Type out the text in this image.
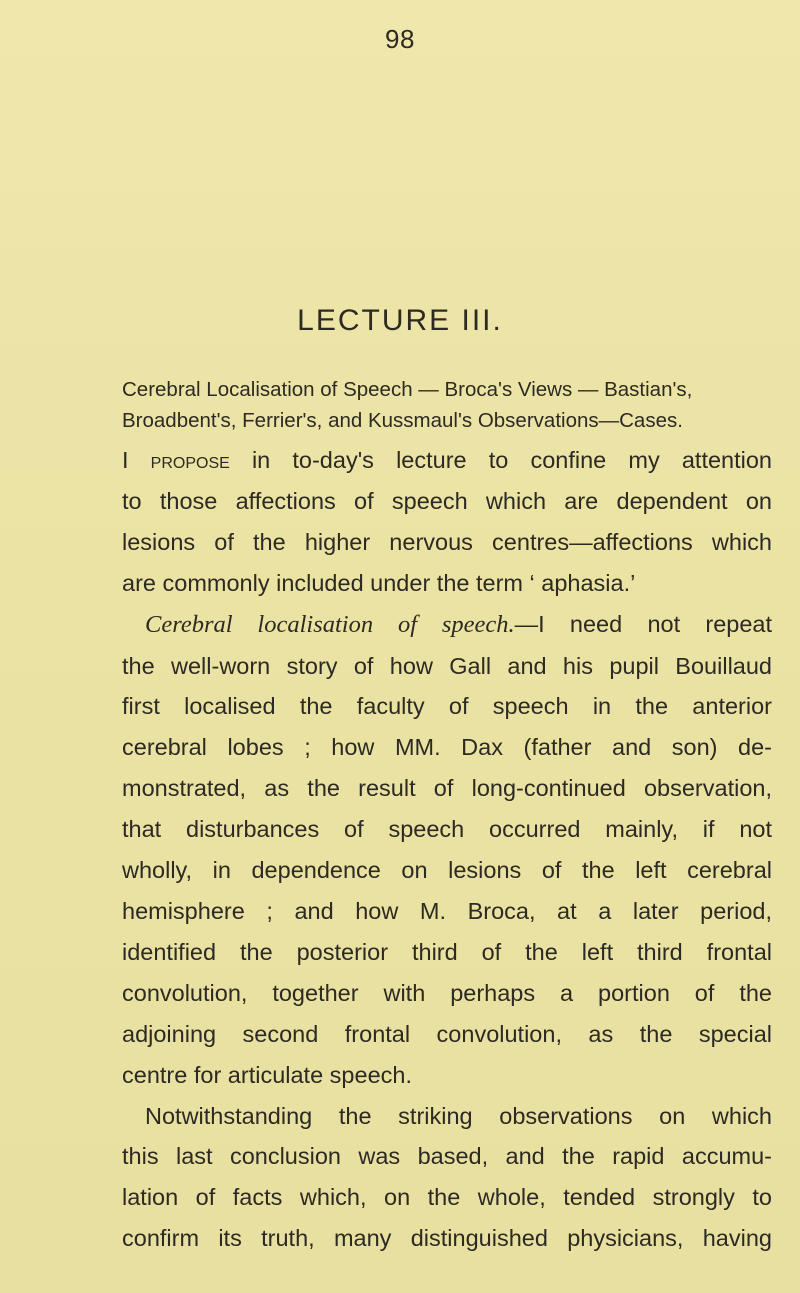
98
LECTURE III.
Cerebral Localisation of Speech — Broca's Views — Bastian's,
Broadbent's, Ferrier's, and Kussmaul's Observations—Cases.
I propose in to-day's lecture to confine my attention
to those affections of speech which are dependent on
lesions of the higher nervous centres—affections which
are commonly included under the term ‘ aphasia.’
Cerebral localisation of speech.—I need not repeat
the well-worn story of how Gall and his pupil Bouillaud
first localised the faculty of speech in the anterior
cerebral lobes ; how MM. Dax (father and son) de-
monstrated, as the result of long-continued observation,
that disturbances of speech occurred mainly, if not
wholly, in dependence on lesions of the left cerebral
hemisphere ; and how M. Broca, at a later period,
identified the posterior third of the left third frontal
convolution, together with perhaps a portion of the
adjoining second frontal convolution, as the special
centre for articulate speech.
Notwithstanding the striking observations on which
this last conclusion was based, and the rapid accumu-
lation of facts which, on the whole, tended strongly to
confirm its truth, many distinguished physicians, having
